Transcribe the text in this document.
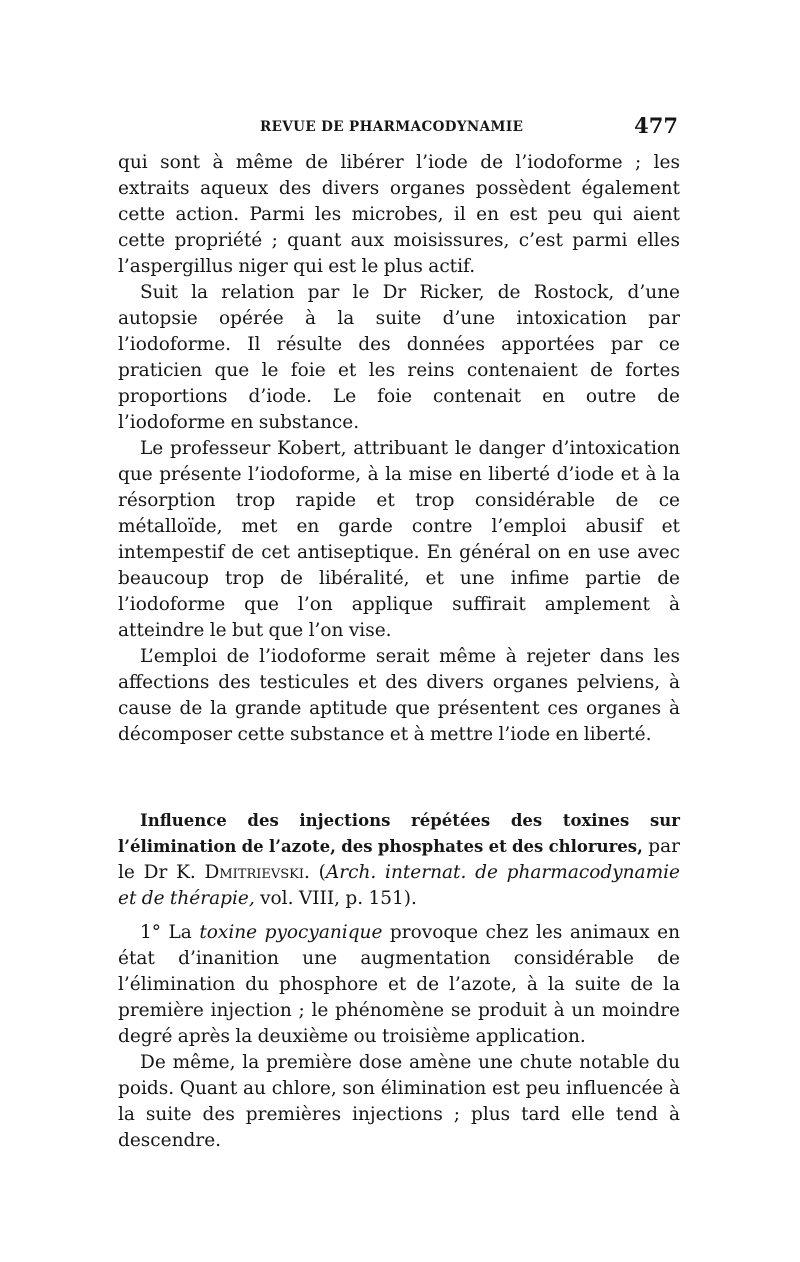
REVUE DE PHARMACODYNAMIE	477

qui sont à même de libérer l’iode de l’iodoforme ; les extraits aqueux des divers organes possèdent également cette action. Parmi les microbes, il en est peu qui aient cette propriété ; quant aux moisissures, c’est parmi elles l’aspergillus niger qui est le plus actif.

Suit la relation par le Dr Ricker, de Rostock, d’une autopsie opérée à la suite d’une intoxication par l’iodoforme. Il résulte des données apportées par ce praticien que le foie et les reins contenaient de fortes proportions d’iode. Le foie contenait en outre de l’iodoforme en substance.

Le professeur Kobert, attribuant le danger d’intoxication que présente l’iodoforme, à la mise en liberté d’iode et à la résorption trop rapide et trop considérable de ce métalloïde, met en garde contre l’emploi abusif et intempestif de cet antiseptique. En général on en use avec beaucoup trop de libéralité, et une infime partie de l’iodoforme que l’on applique suffirait amplement à atteindre le but que l’on vise.

L’emploi de l’iodoforme serait même à rejeter dans les affections des testicules et des divers organes pelviens, à cause de la grande aptitude que présentent ces organes à décomposer cette substance et à mettre l’iode en liberté.

Influence des injections répétées des toxines sur l’élimination de l’azote, des phosphates et des chlorures, par le Dr K. Dmitrievski. (Arch. internat. de pharmacodynamie et de thérapie, vol. VIII, p. 151).

1° La toxine pyocyanique provoque chez les animaux en état d’inanition une augmentation considérable de l’élimination du phosphore et de l’azote, à la suite de la première injection ; le phénomène se produit à un moindre degré après la deuxième ou troisième application.

De même, la première dose amène une chute notable du poids. Quant au chlore, son élimination est peu influencée à la suite des premières injections ; plus tard elle tend à descendre.
